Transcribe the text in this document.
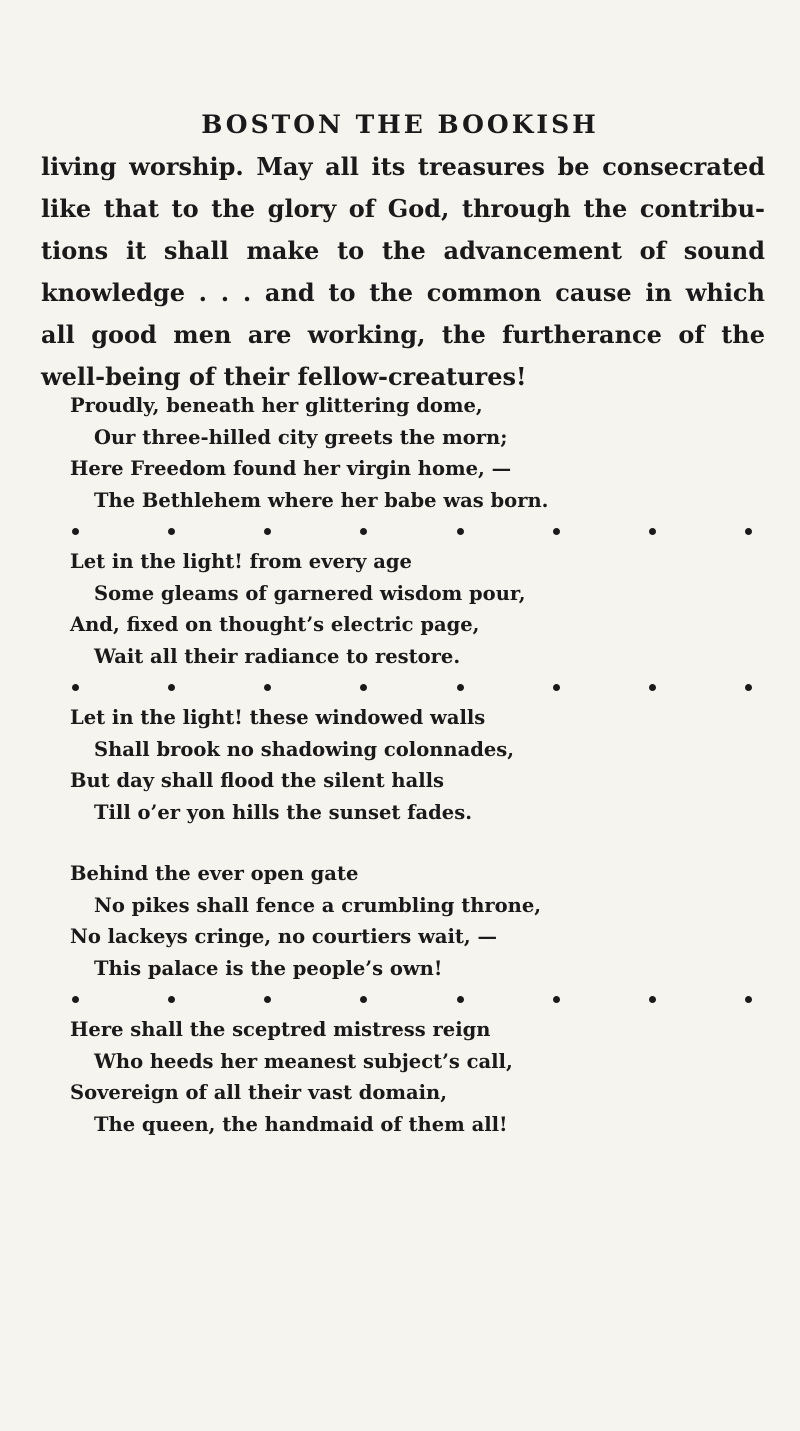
BOSTON THE BOOKISH
living worship. May all its treasures be consecrated
like that to the glory of God, through the contribu-
tions it shall make to the advancement of sound
knowledge . . . and to the common cause in which
all good men are working, the furtherance of the
well-being of their fellow-creatures!
Proudly, beneath her glittering dome,
Our three-hilled city greets the morn;
Here Freedom found her virgin home, —
The Bethlehem where her babe was born.
Let in the light! from every age
Some gleams of garnered wisdom pour,
And, fixed on thought’s electric page,
Wait all their radiance to restore.
Let in the light! these windowed walls
Shall brook no shadowing colonnades,
But day shall flood the silent halls
Till o’er yon hills the sunset fades.
Behind the ever open gate
No pikes shall fence a crumbling throne,
No lackeys cringe, no courtiers wait, —
This palace is the people’s own!
Here shall the sceptred mistress reign
Who heeds her meanest subject’s call,
Sovereign of all their vast domain,
The queen, the handmaid of them all!
